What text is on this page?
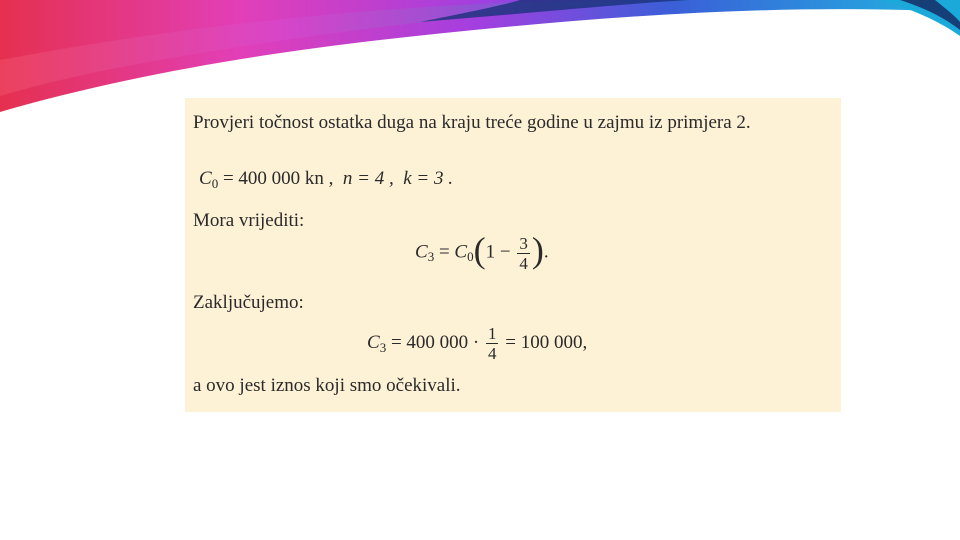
Provjeri točnost ostatka duga na kraju treće godine u zajmu iz primjera 2.
$C_0 = 400$ 000 kn , n = 4 , k = 3 .
Mora vrijediti:
$C_3 = C_0(1 - \frac{3}{4}$ ).
Zaključujemo:
$C_3 = 400$ $000 \cdot \frac{1}{4} = 100$ 000,
a ovo jest iznos koji smo očekivali.
